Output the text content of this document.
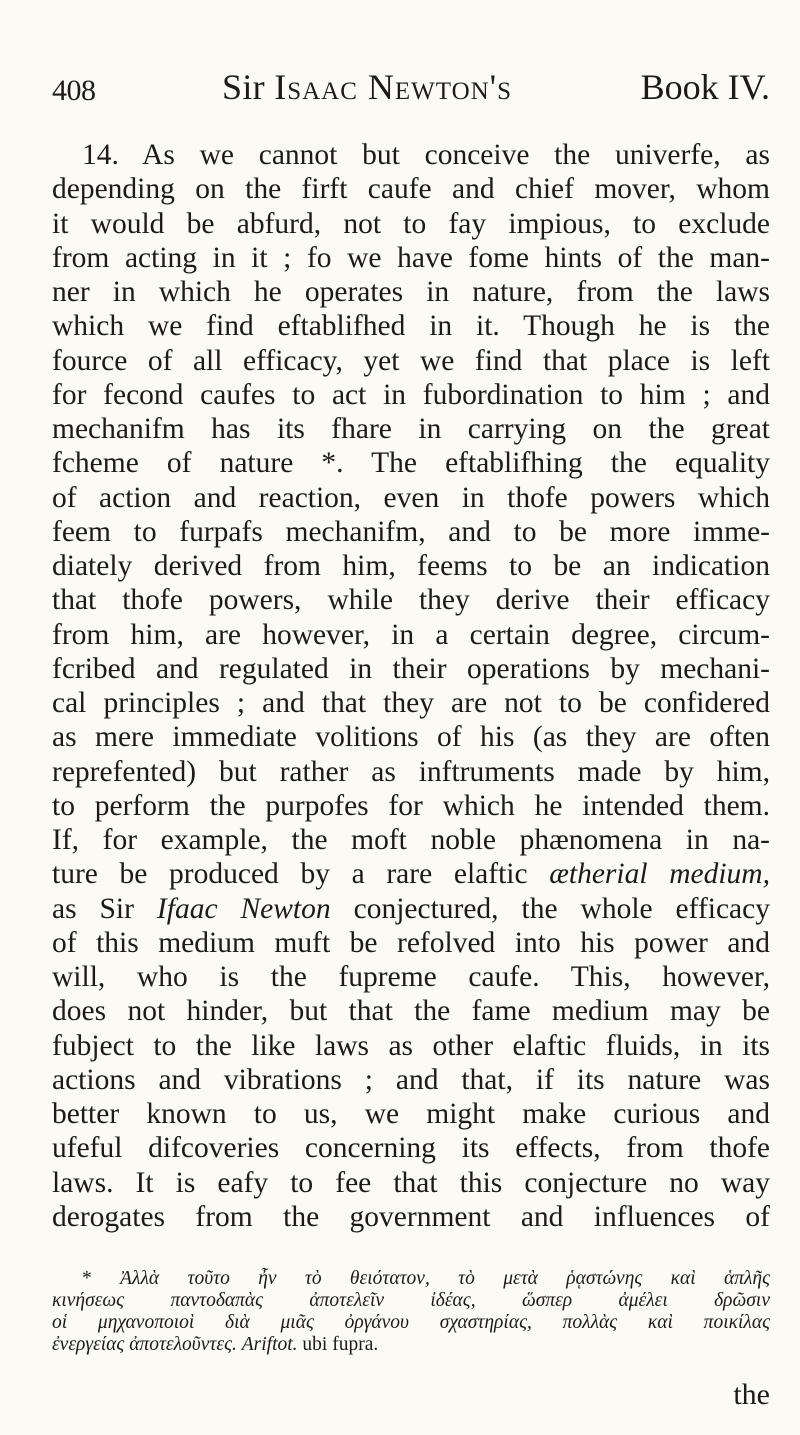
408	Sir Isaac Newton's	Book IV.
14. As we cannot but conceive the univerfe, as
depending on the firft caufe and chief mover, whom
it would be abfurd, not to fay impious, to exclude
from acting in it ; fo we have fome hints of the man-
ner in which he operates in nature, from the laws
which we find eftablifhed in it. Though he is the
fource of all efficacy, yet we find that place is left
for fecond caufes to act in fubordination to him ; and
mechanifm has its fhare in carrying on the great
fcheme of nature *. The eftablifhing the equality
of action and reaction, even in thofe powers which
feem to furpafs mechanifm, and to be more imme-
diately derived from him, feems to be an indication
that thofe powers, while they derive their efficacy
from him, are however, in a certain degree, circum-
fcribed and regulated in their operations by mechani-
cal principles ; and that they are not to be confidered
as mere immediate volitions of his (as they are often
reprefented) but rather as inftruments made by him,
to perform the purpofes for which he intended them.
If, for example, the moft noble phænomena in na-
ture be produced by a rare elaftic ætherial medium,
as Sir Ifaac Newton conjectured, the whole efficacy
of this medium muft be refolved into his power and
will, who is the fupreme caufe. This, however,
does not hinder, but that the fame medium may be
fubject to the like laws as other elaftic fluids, in its
actions and vibrations ; and that, if its nature was
better known to us, we might make curious and
ufeful difcoveries concerning its effects, from thofe
laws. It is eafy to fee that this conjecture no way
derogates from the government and influences of
* Ἀλλὰ τοῦτο ἦν τὸ θειότατον, τὸ μετὰ ῥᾳστώνης καὶ ἁπλῆς
κινήσεως παντοδαπὰς ἀποτελεῖν ἰδέας, ὥσπερ ἀμέλει δρῶσιν
οἱ μηχανοποιοὶ διὰ μιᾶς ὀργάνου σχαστηρίας, πολλὰς καὶ ποικίλας
ἐνεργείας ἀποτελοῦντες. Ariftot. ubi fupra.
the
